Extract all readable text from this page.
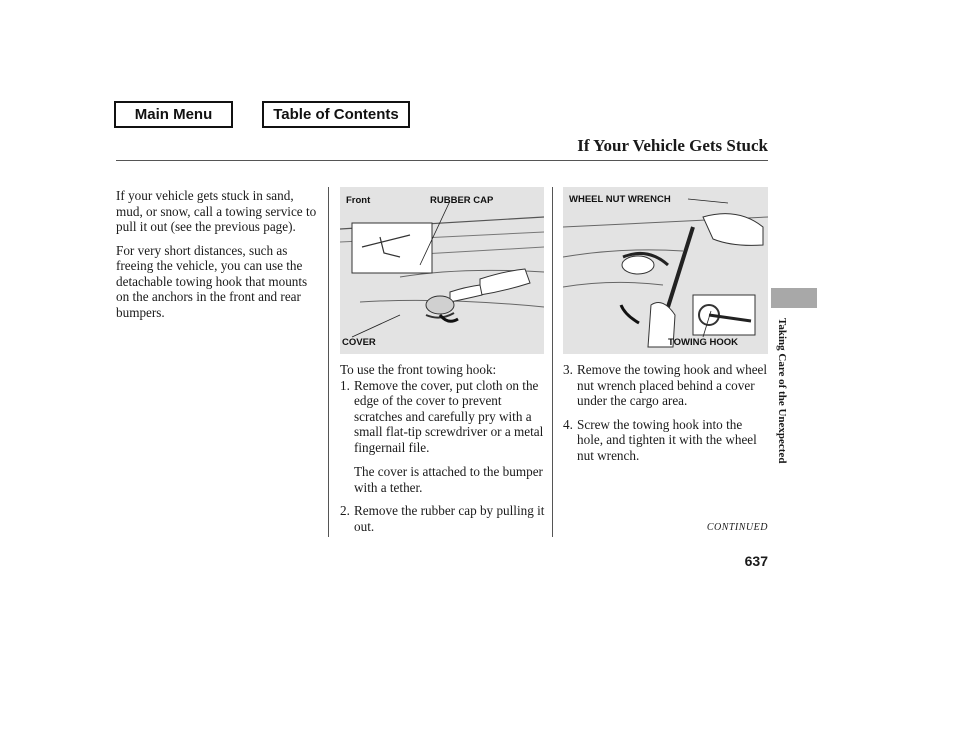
Main Menu	Table of Contents
If Your Vehicle Gets Stuck

If your vehicle gets stuck in sand, mud, or snow, call a towing service to pull it out (see the previous page).

For very short distances, such as freeing the vehicle, you can use the detachable towing hook that mounts on the anchors in the front and rear bumpers.

Front	RUBBER CAP
COVER
WHEEL NUT WRENCH
TOWING HOOK
To use the front towing hook:
1. Remove the cover, put cloth on the edge of the cover to prevent scratches and carefully pry with a small flat-tip screwdriver or a metal fingernail file.
The cover is attached to the bumper with a tether.
2. Remove the rubber cap by pulling it out.
3. Remove the towing hook and wheel nut wrench placed behind a cover under the cargo area.
4. Screw the towing hook into the hole, and tighten it with the wheel nut wrench.	Taking Care of the Unexpected
CONTINUED
637
